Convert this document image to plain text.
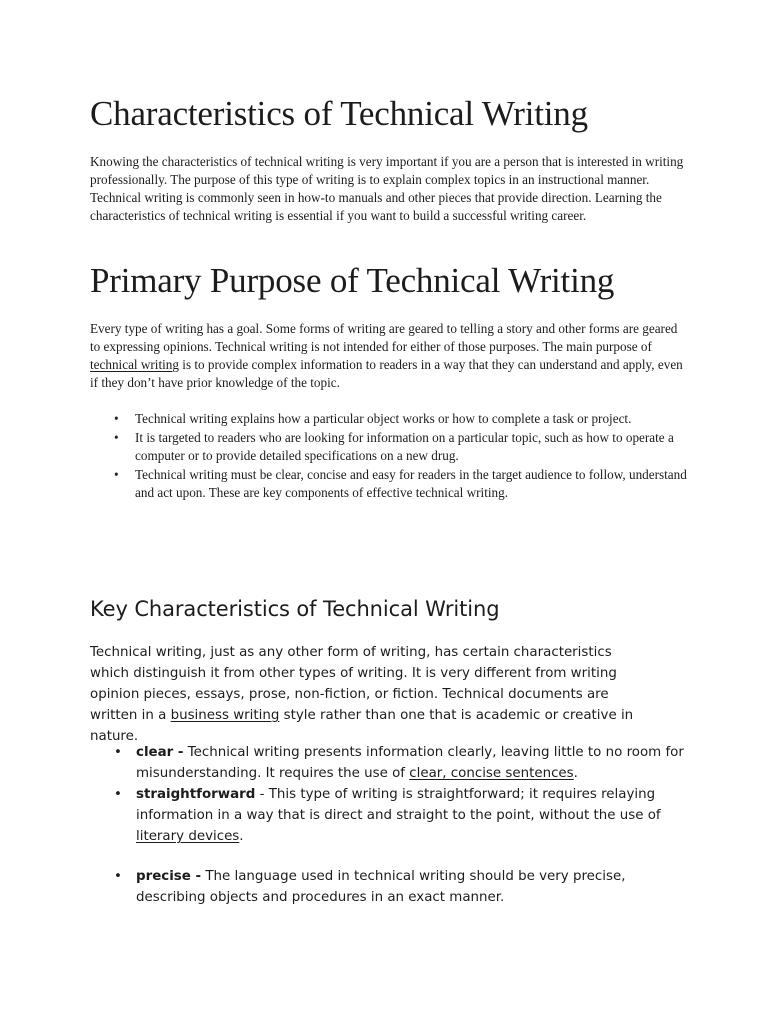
Characteristics of Technical Writing

Knowing the characteristics of technical writing is very important if you are a person that is interested in writing professionally. The purpose of this type of writing is to explain complex topics in an instructional manner. Technical writing is commonly seen in how-to manuals and other pieces that provide direction. Learning the characteristics of technical writing is essential if you want to build a successful writing career.

Primary Purpose of Technical Writing

Every type of writing has a goal. Some forms of writing are geared to telling a story and other forms are geared to expressing opinions. Technical writing is not intended for either of those purposes. The main purpose of technical writing is to provide complex information to readers in a way that they can understand and apply, even if they don’t have prior knowledge of the topic.

• Technical writing explains how a particular object works or how to complete a task or project.
• It is targeted to readers who are looking for information on a particular topic, such as how to operate a computer or to provide detailed specifications on a new drug.
• Technical writing must be clear, concise and easy for readers in the target audience to follow, understand and act upon. These are key components of effective technical writing.
Key Characteristics of Technical Writing

Technical writing, just as any other form of writing, has certain characteristics which distinguish it from other types of writing. It is very different from writing opinion pieces, essays, prose, non-fiction, or fiction. Technical documents are written in a business writing style rather than one that is academic or creative in nature.

• clear - Technical writing presents information clearly, leaving little to no room for misunderstanding. It requires the use of clear, concise sentences.
• straightforward - This type of writing is straightforward; it requires relaying information in a way that is direct and straight to the point, without the use of literary devices.
• precise - The language used in technical writing should be very precise, describing objects and procedures in an exact manner.
